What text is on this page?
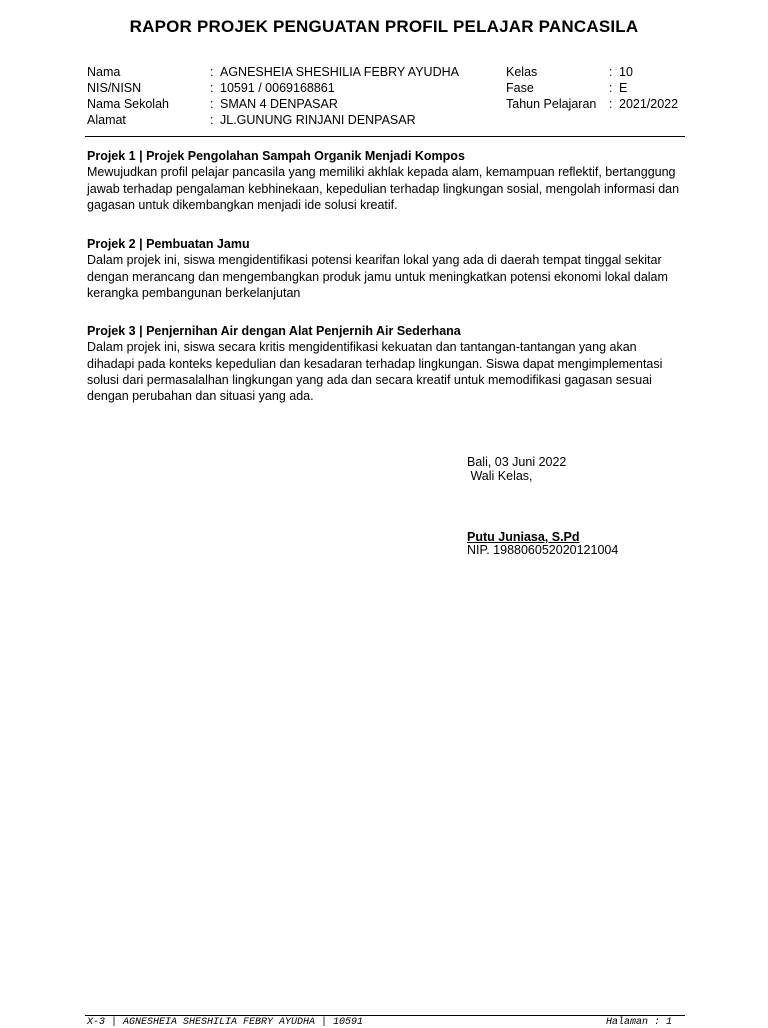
RAPOR PROJEK PENGUATAN PROFIL PELAJAR PANCASILA
Nama	: AGNESHEIA SHESHILIA FEBRY AYUDHA	Kelas	: 10
NIS/NISN	: 10591 / 0069168861	Fase	: E
Nama Sekolah	: SMAN 4 DENPASAR	Tahun Pelajaran : 2021/2022
Alamat	: JL.GUNUNG RINJANI DENPASAR
Projek 1 | Projek Pengolahan Sampah Organik Menjadi Kompos
Mewujudkan profil pelajar pancasila yang memiliki akhlak kepada alam, kemampuan reflektif, bertanggung jawab terhadap pengalaman kebhinekaan, kepedulian terhadap lingkungan sosial, mengolah informasi dan gagasan untuk dikembangkan menjadi ide solusi kreatif.
Projek 2 | Pembuatan Jamu
Dalam projek ini, siswa mengidentifikasi potensi kearifan lokal yang ada di daerah tempat tinggal sekitar dengan merancang dan mengembangkan produk jamu untuk meningkatkan potensi ekonomi lokal dalam kerangka pembangunan berkelanjutan
Projek 3 | Penjernihan Air dengan Alat Penjernih Air Sederhana
Dalam projek ini, siswa secara kritis mengidentifikasi kekuatan dan tantangan-tantangan yang akan dihadapi pada konteks kepedulian dan kesadaran terhadap lingkungan. Siswa dapat mengimplementasi solusi dari permasalalhan lingkungan yang ada dan secara kreatif untuk memodifikasi gagasan sesuai dengan perubahan dan situasi yang ada.
Bali, 03 Juni 2022
Wali Kelas,
Putu Juniasa, S.Pd
NIP. 198806052020121004
X-3 | AGNESHEIA SHESHILIA FEBRY AYUDHA | 10591	Halaman : 1
